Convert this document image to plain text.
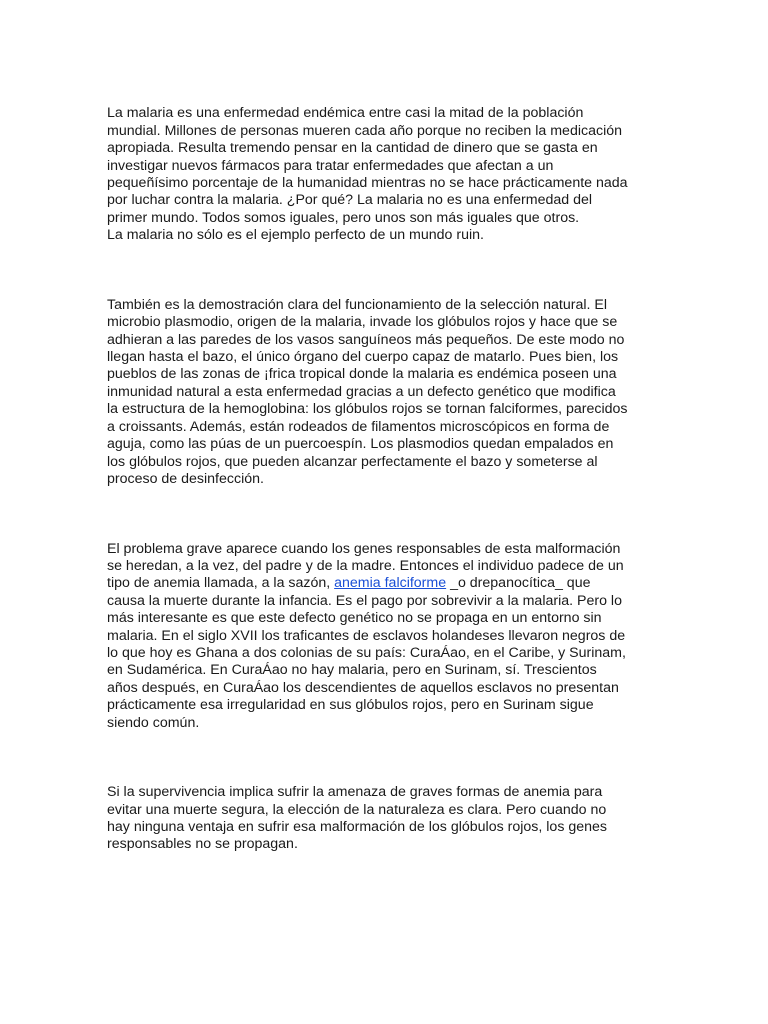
La malaria es una enfermedad endémica entre casi la mitad de la población
mundial. Millones de personas mueren cada año porque no reciben la medicación
apropiada. Resulta tremendo pensar en la cantidad de dinero que se gasta en
investigar nuevos fármacos para tratar enfermedades que afectan a un
pequeñísimo porcentaje de la humanidad mientras no se hace prácticamente nada
por luchar contra la malaria. ¿Por qué? La malaria no es una enfermedad del
primer mundo. Todos somos iguales, pero unos son más iguales que otros.
La malaria no sólo es el ejemplo perfecto de un mundo ruin.

También es la demostración clara del funcionamiento de la selección natural. El
microbio plasmodio, origen de la malaria, invade los glóbulos rojos y hace que se
adhieran a las paredes de los vasos sanguíneos más pequeños. De este modo no
llegan hasta el bazo, el único órgano del cuerpo capaz de matarlo. Pues bien, los
pueblos de las zonas de ¡frica tropical donde la malaria es endémica poseen una
inmunidad natural a esta enfermedad gracias a un defecto genético que modifica
la estructura de la hemoglobina: los glóbulos rojos se tornan falciformes, parecidos
a croissants. Además, están rodeados de filamentos microscópicos en forma de
aguja, como las púas de un puercoespín. Los plasmodios quedan empalados en
los glóbulos rojos, que pueden alcanzar perfectamente el bazo y someterse al
proceso de desinfección.

El problema grave aparece cuando los genes responsables de esta malformación
se heredan, a la vez, del padre y de la madre. Entonces el individuo padece de un
tipo de anemia llamada, a la sazón, anemia falciforme _o drepanocítica_ que
causa la muerte durante la infancia. Es el pago por sobrevivir a la malaria. Pero lo
más interesante es que este defecto genético no se propaga en un entorno sin
malaria. En el siglo XVII los traficantes de esclavos holandeses llevaron negros de
lo que hoy es Ghana a dos colonias de su país: CuraÁao, en el Caribe, y Surinam,
en Sudamérica. En CuraÁao no hay malaria, pero en Surinam, sí. Trescientos
años después, en CuraÁao los descendientes de aquellos esclavos no presentan
prácticamente esa irregularidad en sus glóbulos rojos, pero en Surinam sigue
siendo común.

Si la supervivencia implica sufrir la amenaza de graves formas de anemia para
evitar una muerte segura, la elección de la naturaleza es clara. Pero cuando no
hay ninguna ventaja en sufrir esa malformación de los glóbulos rojos, los genes
responsables no se propagan.
